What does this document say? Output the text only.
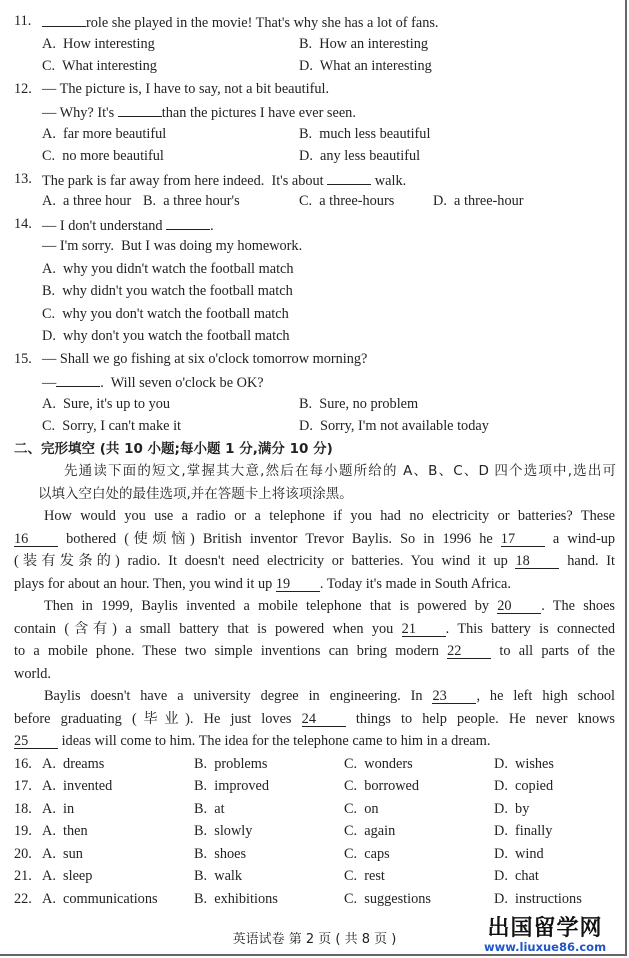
11.	role she played in the movie! That's why she has a lot of fans.
A.  How interesting	B.  How an interesting
C.  What interesting	D.  What an interesting
12. — The picture is, I have to say, not a bit beautiful.
— Why? It's	than the pictures I have ever seen.
A.  far more beautiful	B.  much less beautiful
C.  no more beautiful	D.  any less beautiful
13. The park is far away from here indeed.  It's about	walk.
A.  a three hour B.  a three hour's	C.  a three-hours	D.  a three-hour
14. — I don't understand	.
— I'm sorry.  But I was doing my homework.
A.  why you didn't watch the football match
B.  why didn't you watch the football match
C.  why you don't watch the football match
D.  why don't you watch the football match
15. — Shall we go fishing at six o'clock tomorrow morning?
—	.  Will seven o'clock be OK?
A.  Sure, it's up to you	B.  Sure, no problem
C.  Sorry, I can't make it	D.  Sorry, I'm not available today
二、完形填空 (共 10 小题;每小题 1 分,满分 10 分)
先通读下面的短文,掌握其大意,然后在每小题所给的 A、B、C、D 四个选项中,选出可
以填入空白处的最佳选项,并在答题卡上将该项涂黑。
How would you use a radio or a telephone if you had no electricity or batteries? These
16 bothered (使烦恼) British inventor Trevor Baylis. So in 1996 he 17 a wind-up
(装有发条的) radio. It doesn't need electricity or batteries. You wind it up 18 hand. It
plays for about an hour. Then, you wind it up 19 . Today it's made in South Africa.
Then in 1999, Baylis invented a mobile telephone that is powered by 20 . The shoes
contain (含有) a small battery that is powered when you 21 . This battery is connected
to a mobile phone. These two simple inventions can bring modern 22 to all parts of the
world.
Baylis doesn't have a university degree in engineering. In 23 , he left high school
before graduating (毕业). He just loves 24 things to help people. He never knows
25 ideas will come to him. The idea for the telephone came to him in a dream.
16. A.  dreams	B.  problems	C.  wonders	D.  wishes
17. A.  invented	B.  improved	C.  borrowed	D.  copied
18. A.  in	B.  at	C.  on	D.  by
19. A.  then	B.  slowly	C.  again	D.  finally
20. A.  sun	B.  shoes	C.  caps	D.  wind
21. A.  sleep	B.  walk	C.  rest	D.  chat
22. A.  communications	B.  exhibitions	C.  suggestions	D.  instructions
英语试卷 第 2 页 ( 共 8 页 )	出国留学网
www.liuxue86.com
